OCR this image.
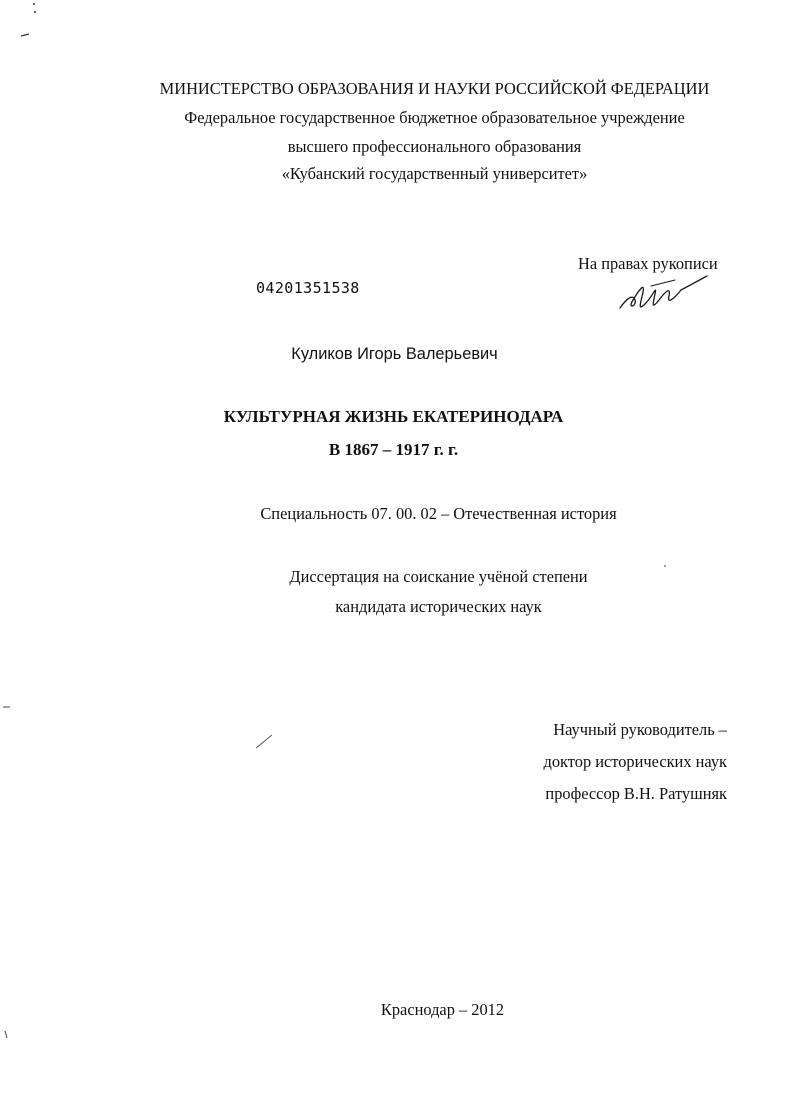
МИНИСТЕРСТВО ОБРАЗОВАНИЯ И НАУКИ РОССИЙСКОЙ ФЕДЕРАЦИИ
Федеральное государственное бюджетное образовательное учреждение
высшего профессионального образования
«Кубанский государственный университет»
На правах рукописи
04201351538
Куликов Игорь Валерьевич
КУЛЬТУРНАЯ ЖИЗНЬ ЕКАТЕРИНОДАРА
В 1867 – 1917 г. г.
Специальность 07. 00. 02 – Отечественная история
Диссертация на соискание учёной степени
кандидата исторических наук
Научный руководитель –
доктор исторических наук
профессор В.Н. Ратушняк
Краснодар – 2012
